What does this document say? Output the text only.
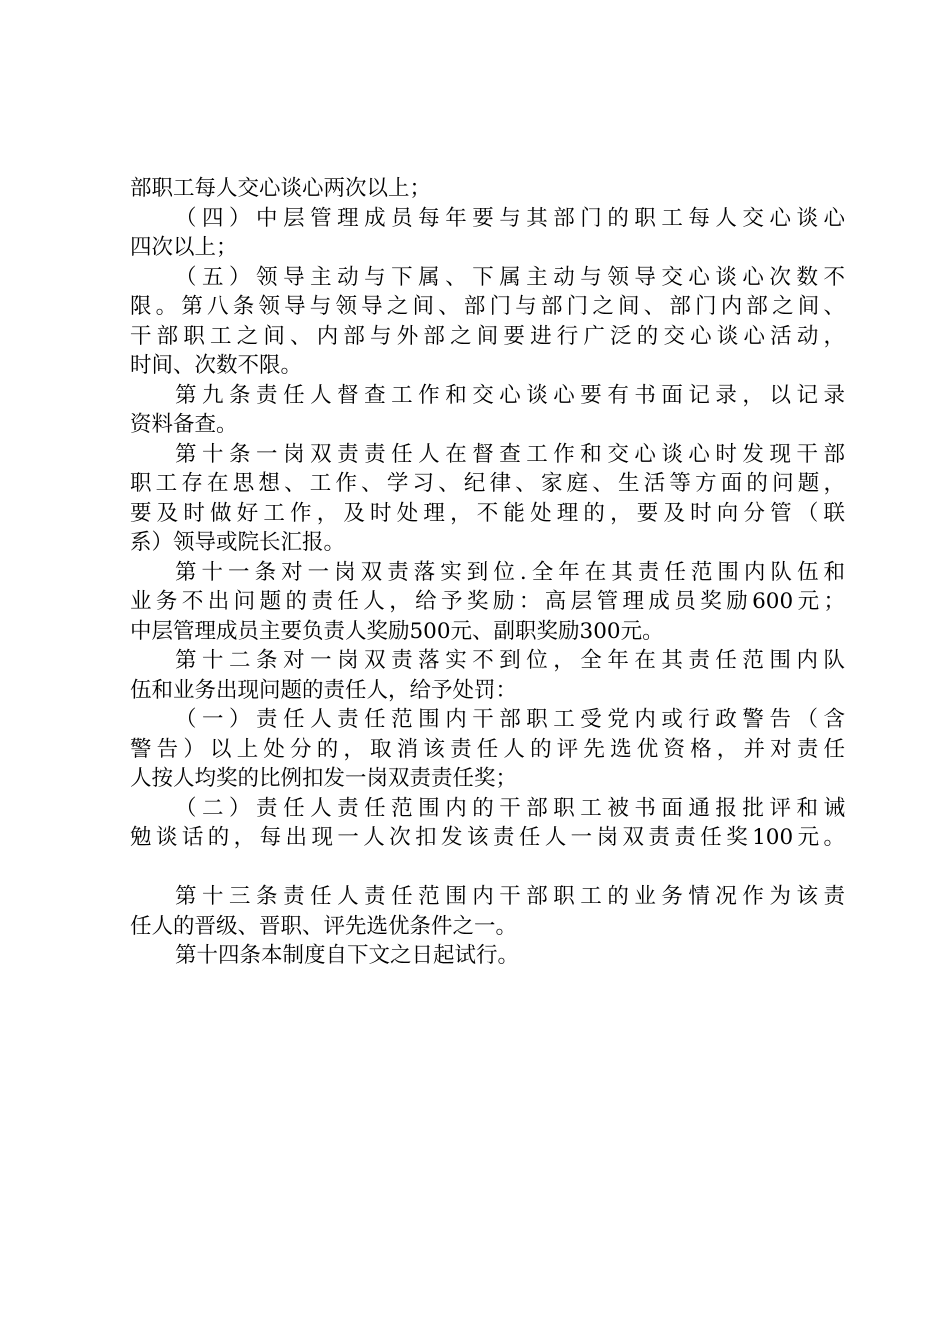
部职工每人交心谈心两次以上；
（四）中层管理成员每年要与其部门的职工每人交心谈心
四次以上；
（五）领导主动与下属、下属主动与领导交心谈心次数不
限。第八条领导与领导之间、部门与部门之间、部门内部之间、
干部职工之间、内部与外部之间要进行广泛的交心谈心活动，
时间、次数不限。
第九条责任人督查工作和交心谈心要有书面记录，以记录
资料备查。
第十条一岗双责责任人在督查工作和交心谈心时发现干部
职工存在思想、工作、学习、纪律、家庭、生活等方面的问题，
要及时做好工作，及时处理，不能处理的，要及时向分管（联
系）领导或院长汇报。
第十一条对一岗双责落实到位.全年在其责任范围内队伍和
业务不出问题的责任人，给予奖励：高层管理成员奖励600元；
中层管理成员主要负责人奖励500元、副职奖励300元。
第十二条对一岗双责落实不到位，全年在其责任范围内队
伍和业务出现问题的责任人，给予处罚：
（一）责任人责任范围内干部职工受党内或行政警告（含
警告）以上处分的，取消该责任人的评先选优资格，并对责任
人按人均奖的比例扣发一岗双责责任奖；
（二）责任人责任范围内的干部职工被书面通报批评和诫
勉谈话的，每出现一人次扣发该责任人一岗双责责任奖100元。
第十三条责任人责任范围内干部职工的业务情况作为该责
任人的晋级、晋职、评先选优条件之一。
第十四条本制度自下文之日起试行。
